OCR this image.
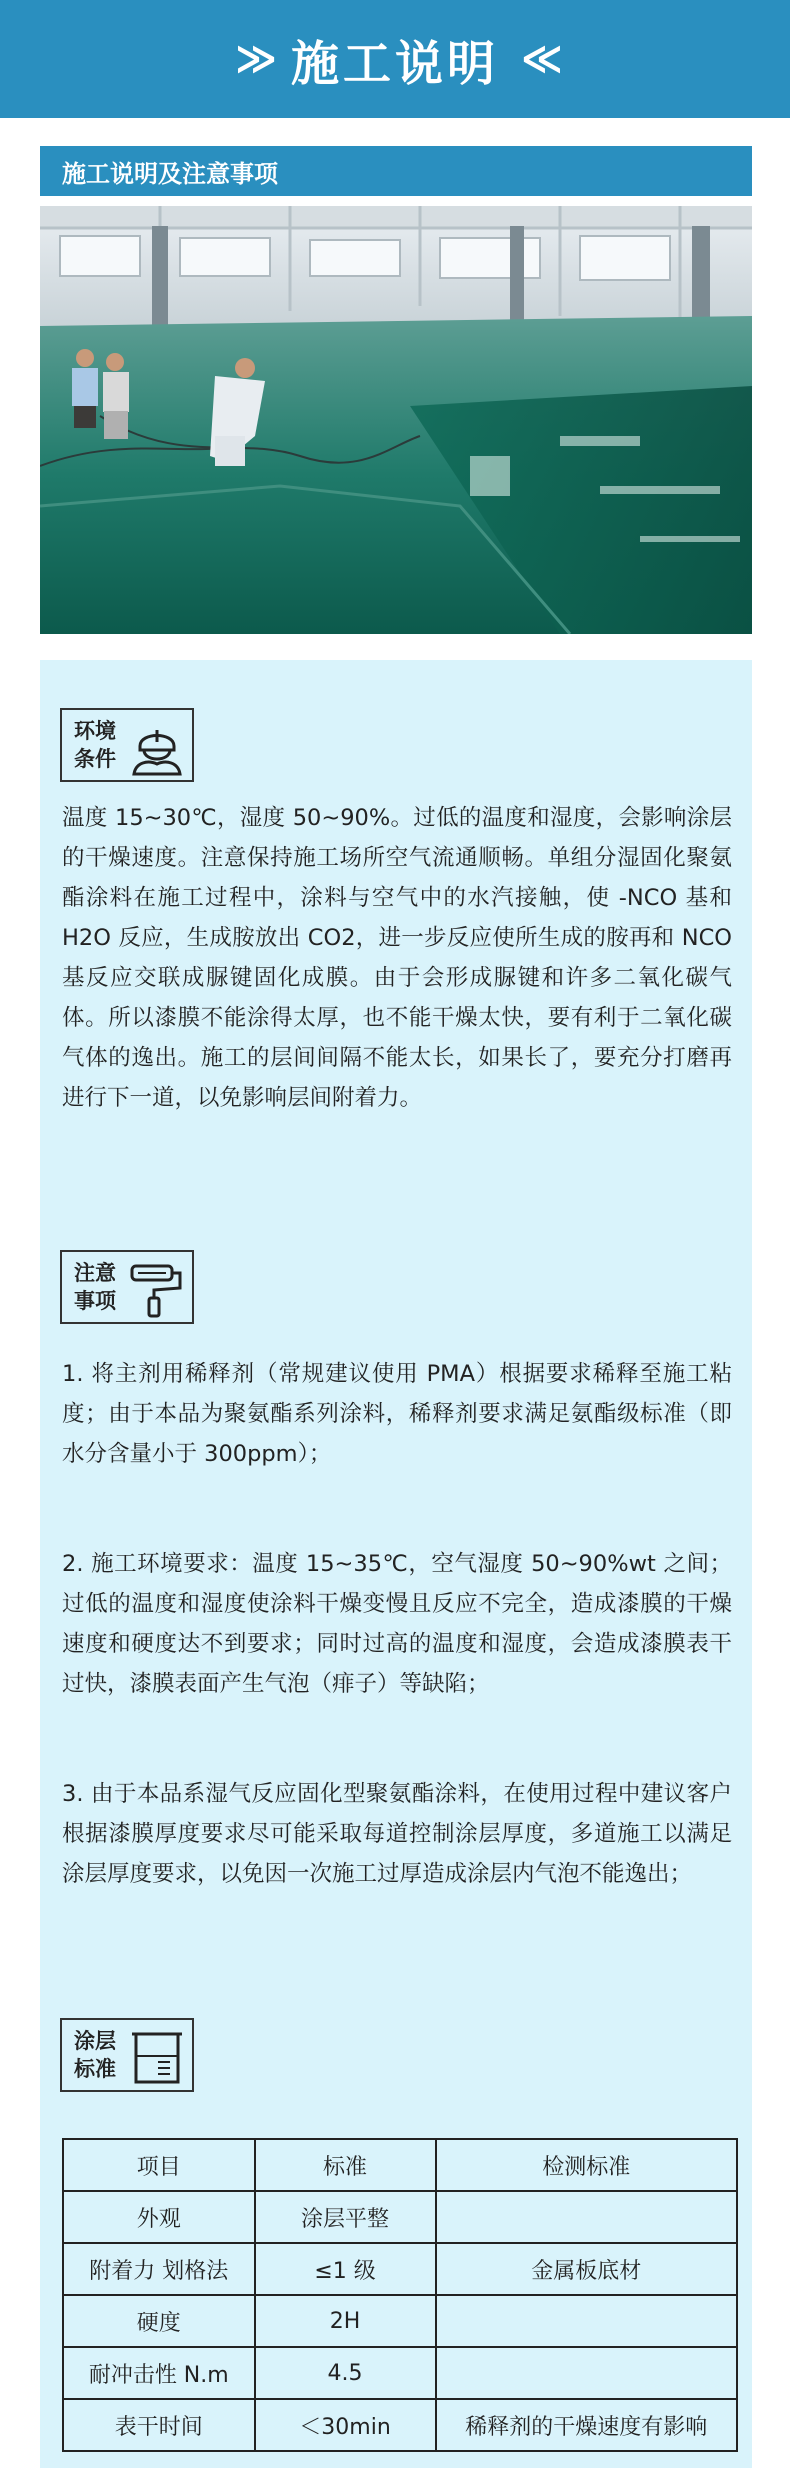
≫ 施工说明 ≪
施工说明及注意事项
环境
条件
温度 15~30℃，湿度 50~90%。过低的温度和湿度，会影响涂层的干燥速度。注意保持施工场所空气流通顺畅。单组分湿固化聚氨酯涂料在施工过程中，涂料与空气中的水汽接触，使 -NCO 基和 H2O 反应，生成胺放出 CO2，进一步反应使所生成的胺再和 NCO 基反应交联成脲键固化成膜。由于会形成脲键和许多二氧化碳气体。所以漆膜不能涂得太厚，也不能干燥太快，要有利于二氧化碳气体的逸出。施工的层间间隔不能太长，如果长了，要充分打磨再进行下一道，以免影响层间附着力。
注意
事项
1. 将主剂用稀释剂（常规建议使用 PMA）根据要求稀释至施工粘度；由于本品为聚氨酯系列涂料，稀释剂要求满足氨酯级标准（即水分含量小于 300ppm）；
2. 施工环境要求：温度 15~35℃，空气湿度 50~90%wt 之间；过低的温度和湿度使涂料干燥变慢且反应不完全，造成漆膜的干燥速度和硬度达不到要求；同时过高的温度和湿度，会造成漆膜表干过快，漆膜表面产生气泡（痱子）等缺陷；
3. 由于本品系湿气反应固化型聚氨酯涂料，在使用过程中建议客户根据漆膜厚度要求尽可能采取每道控制涂层厚度，多道施工以满足涂层厚度要求，以免因一次施工过厚造成涂层内气泡不能逸出；
涂层
标准
项目	标准	检测标准
外观	涂层平整	
附着力 划格法	≤1 级	金属板底材
硬度	2H	
耐冲击性 N.m	4.5	
表干时间	＜30min	稀释剂的干燥速度有影响
